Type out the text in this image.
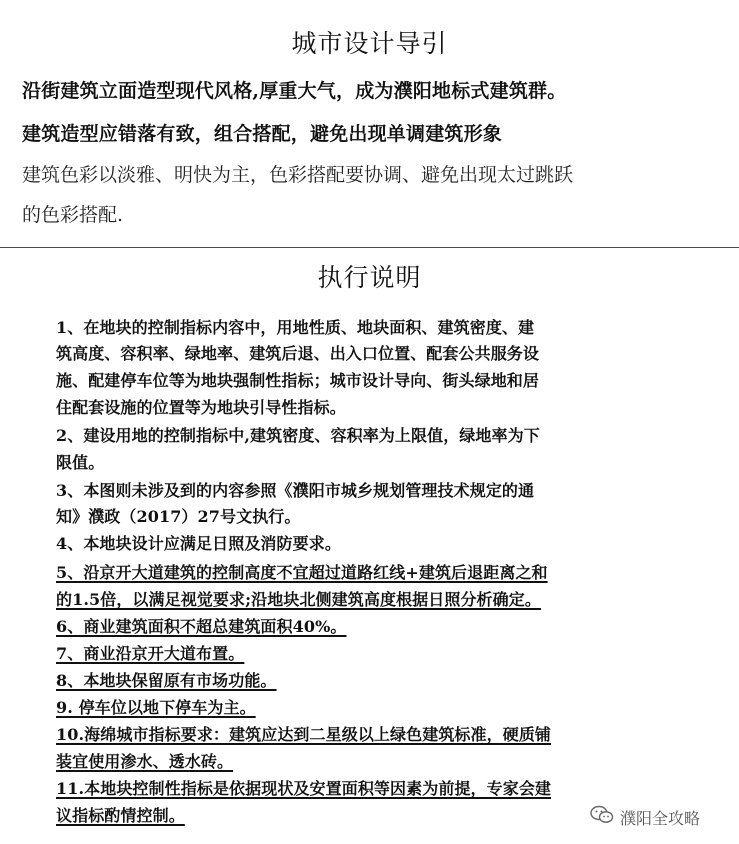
城市设计导引
沿街建筑立面造型现代风格,厚重大气，成为濮阳地标式建筑群。
建筑造型应错落有致，组合搭配，避免出现单调建筑形象
建筑色彩以淡雅、明快为主，色彩搭配要协调、避免出现太过跳跃
的色彩搭配.
执行说明
1、在地块的控制指标内容中，用地性质、地块面积、建筑密度、建
筑高度、容积率、绿地率、建筑后退、出入口位置、配套公共服务设
施、配建停车位等为地块强制性指标；城市设计导向、街头绿地和居
住配套设施的位置等为地块引导性指标。
2、建设用地的控制指标中,建筑密度、容积率为上限值，绿地率为下
限值。
3、本图则未涉及到的内容参照《濮阳市城乡规划管理技术规定的通
知》濮政（2017）27号文执行。
4、本地块设计应满足日照及消防要求。
5、沿京开大道建筑的控制高度不宜超过道路红线+建筑后退距离之和
的1.5倍，以满足视觉要求;沿地块北侧建筑高度根据日照分析确定。
6、商业建筑面积不超总建筑面积40%。
7、商业沿京开大道布置。
8、本地块保留原有市场功能。
9. 停车位以地下停车为主。
10.海绵城市指标要求：建筑应达到二星级以上绿色建筑标准，硬质铺
装宜使用渗水、透水砖。
11.本地块控制性指标是依据现状及安置面积等因素为前提，专家会建
议指标酌情控制。	濮阳全攻略
